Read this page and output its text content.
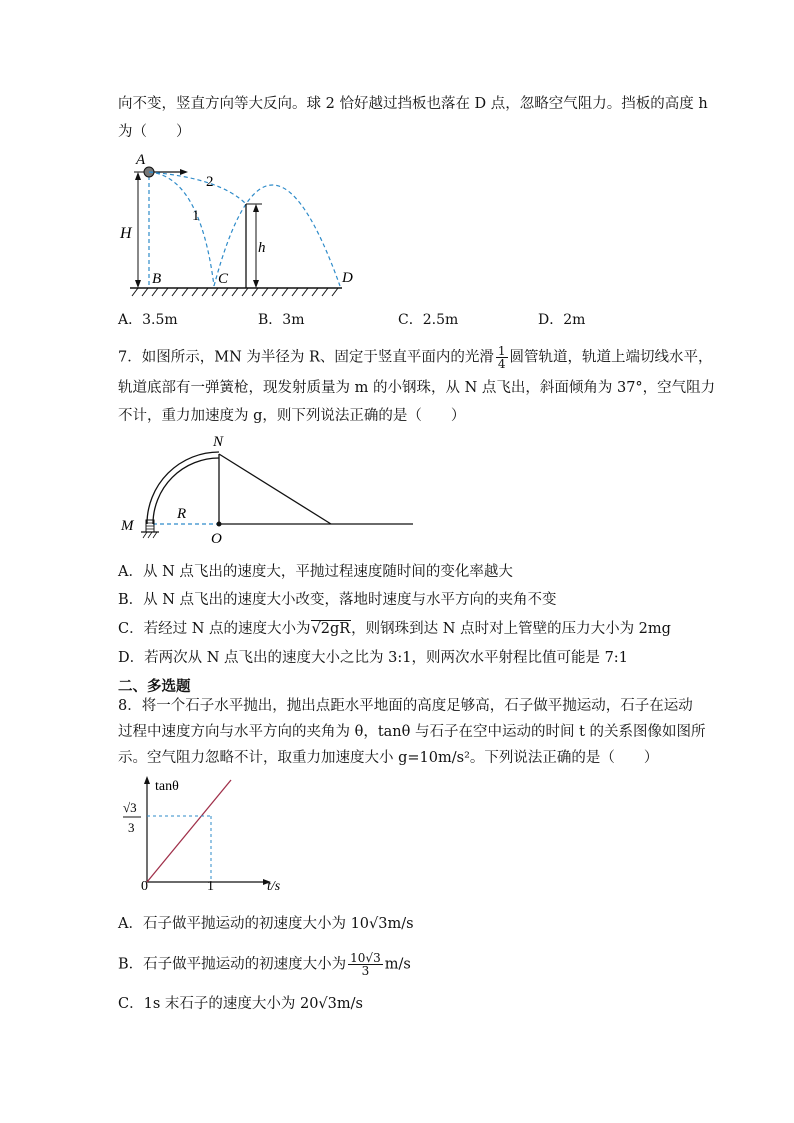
向不变，竖直方向等大反向。球 2 恰好越过挡板也落在 D 点，忽略空气阻力。挡板的高度 h
为（　　）
A
2
1
H
h
B	C	D
A．3.5m	B．3m	C．2.5m	D．2m
7．如图所示，MN 为半径为 R、固定于竖直平面内的光滑 $\frac{1}{4}$ 圆管轨道，轨道上端切线水平，
轨道底部有一弹簧枪，现发射质量为 m 的小钢珠，从 N 点飞出，斜面倾角为 37°，空气阻力
不计，重力加速度为 g，则下列说法正确的是（　　）
N
M
R
O
A．从 N 点飞出的速度大，平抛过程速度随时间的变化率越大
B．从 N 点飞出的速度大小改变，落地时速度与水平方向的夹角不变
C．若经过 N 点的速度大小为√2gR，则钢珠到达 N 点时对上管壁的压力大小为 2mg
D．若两次从 N 点飞出的速度大小之比为 3:1，则两次水平射程比值可能是 7:1
二、多选题
8．将一个石子水平抛出，抛出点距水平地面的高度足够高，石子做平抛运动，石子在运动
过程中速度方向与水平方向的夹角为 θ，tanθ 与石子在空中运动的时间 t 的关系图像如图所
示。空气阻力忽略不计，取重力加速度大小 g=10m/s²。下列说法正确的是（　　）
tanθ
t/s
0	1
√3
3
A．石子做平抛运动的初速度大小为 10√3m/s
B．石子做平抛运动的初速度大小为 $\frac{10√3}{3} m/s$
C．1s 末石子的速度大小为 20√3m/s
